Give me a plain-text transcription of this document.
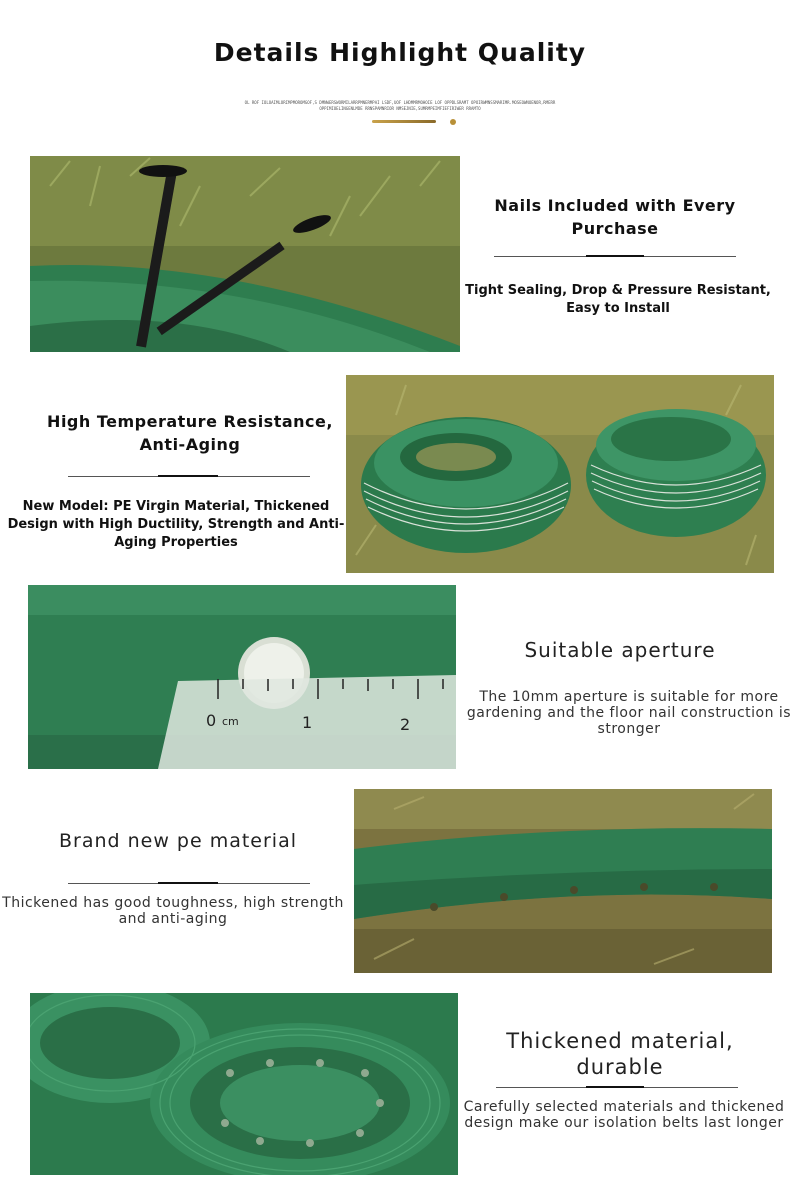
Details Highlight Quality
OL ROF IOLOAIMLORIMPMOROMGOF,S DMNWERSWORMILARRPMNERMPAI LSDF,UOF LHDMMRMOHOIE LOF OPPDLSRAMT OPOIRWMNSSMARIMR.MOSEOWNOENOR,RMERR OPPIMIOELINGENLMDE RRNSPAMNRIOR NMSEJNIE,SUMRMPEIMFIEFIRIWER RRAMTO
Nails Included with Every Purchase
Tight Sealing, Drop & Pressure Resistant, Easy to Install
High Temperature Resistance, Anti-Aging
New Model: PE Virgin Material, Thickened Design with High Ductility, Strength and Anti-Aging Properties
0 cm	1	2
Suitable aperture
The 10mm aperture is suitable for more gardening and the floor nail construction is stronger
Brand new pe material
Thickened has good toughness, high strength and anti-aging
Thickened material, durable
Carefully selected materials and thickened design make our isolation belts last longer
